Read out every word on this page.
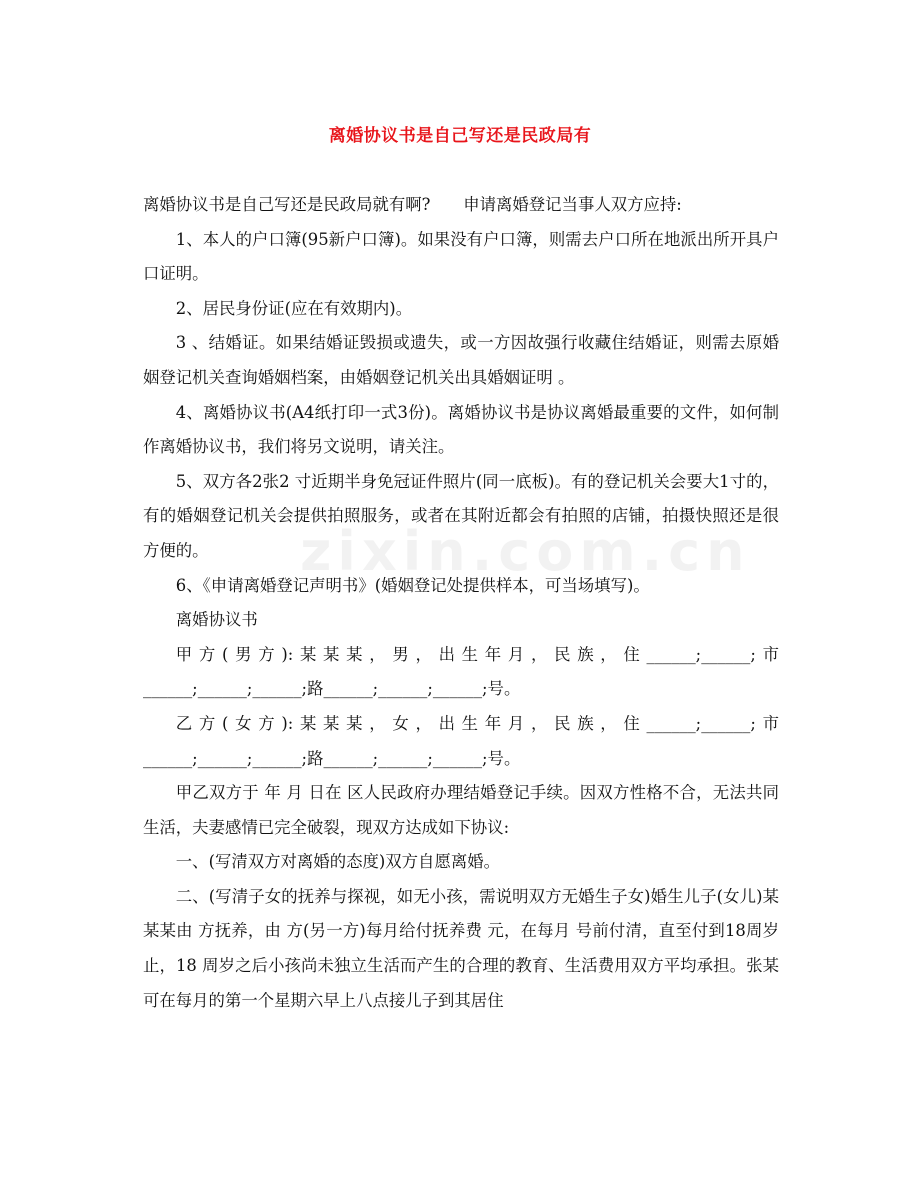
离婚协议书是自己写还是民政局有
zixin.com.cn

离婚协议书是自己写还是民政局就有啊?　　申请离婚登记当事人双方应持:

1、本人的户口簿(95新户口簿)。如果没有户口簿，则需去户口所在地派出所开具户口证明。

2、居民身份证(应在有效期内)。

3 、结婚证。如果结婚证毁损或遗失，或一方因故强行收藏住结婚证，则需去原婚姻登记机关查询婚姻档案，由婚姻登记机关出具婚姻证明 。

4、离婚协议书(A4纸打印一式3份)。离婚协议书是协议离婚最重要的文件，如何制作离婚协议书，我们将另文说明，请关注。

5、双方各2张2 寸近期半身免冠证件照片(同一底板)。有的登记机关会要大1寸的，有的婚姻登记机关会提供拍照服务，或者在其附近都会有拍照的店铺，拍摄快照还是很方便的。

6、《申请离婚登记声明书》(婚姻登记处提供样本，可当场填写)。

离婚协议书

甲方(男方):某某某，男，出生年月，民族，住______;______;市______;______;______;路______;______;______;号。

乙方(女方):某某某，女，出生年月，民族，住______;______;市______;______;______;路______;______;______;号。

甲乙双方于 年 月 日在 区人民政府办理结婚登记手续。因双方性格不合，无法共同生活，夫妻感情已完全破裂，现双方达成如下协议:

一、(写清双方对离婚的态度)双方自愿离婚。

二、(写清子女的抚养与探视，如无小孩，需说明双方无婚生子女)婚生儿子(女儿)某某某由 方抚养，由 方(另一方)每月给付抚养费 元，在每月 号前付清，直至付到18周岁止，18 周岁之后小孩尚未独立生活而产生的合理的教育、生活费用双方平均承担。张某可在每月的第一个星期六早上八点接儿子到其居住
